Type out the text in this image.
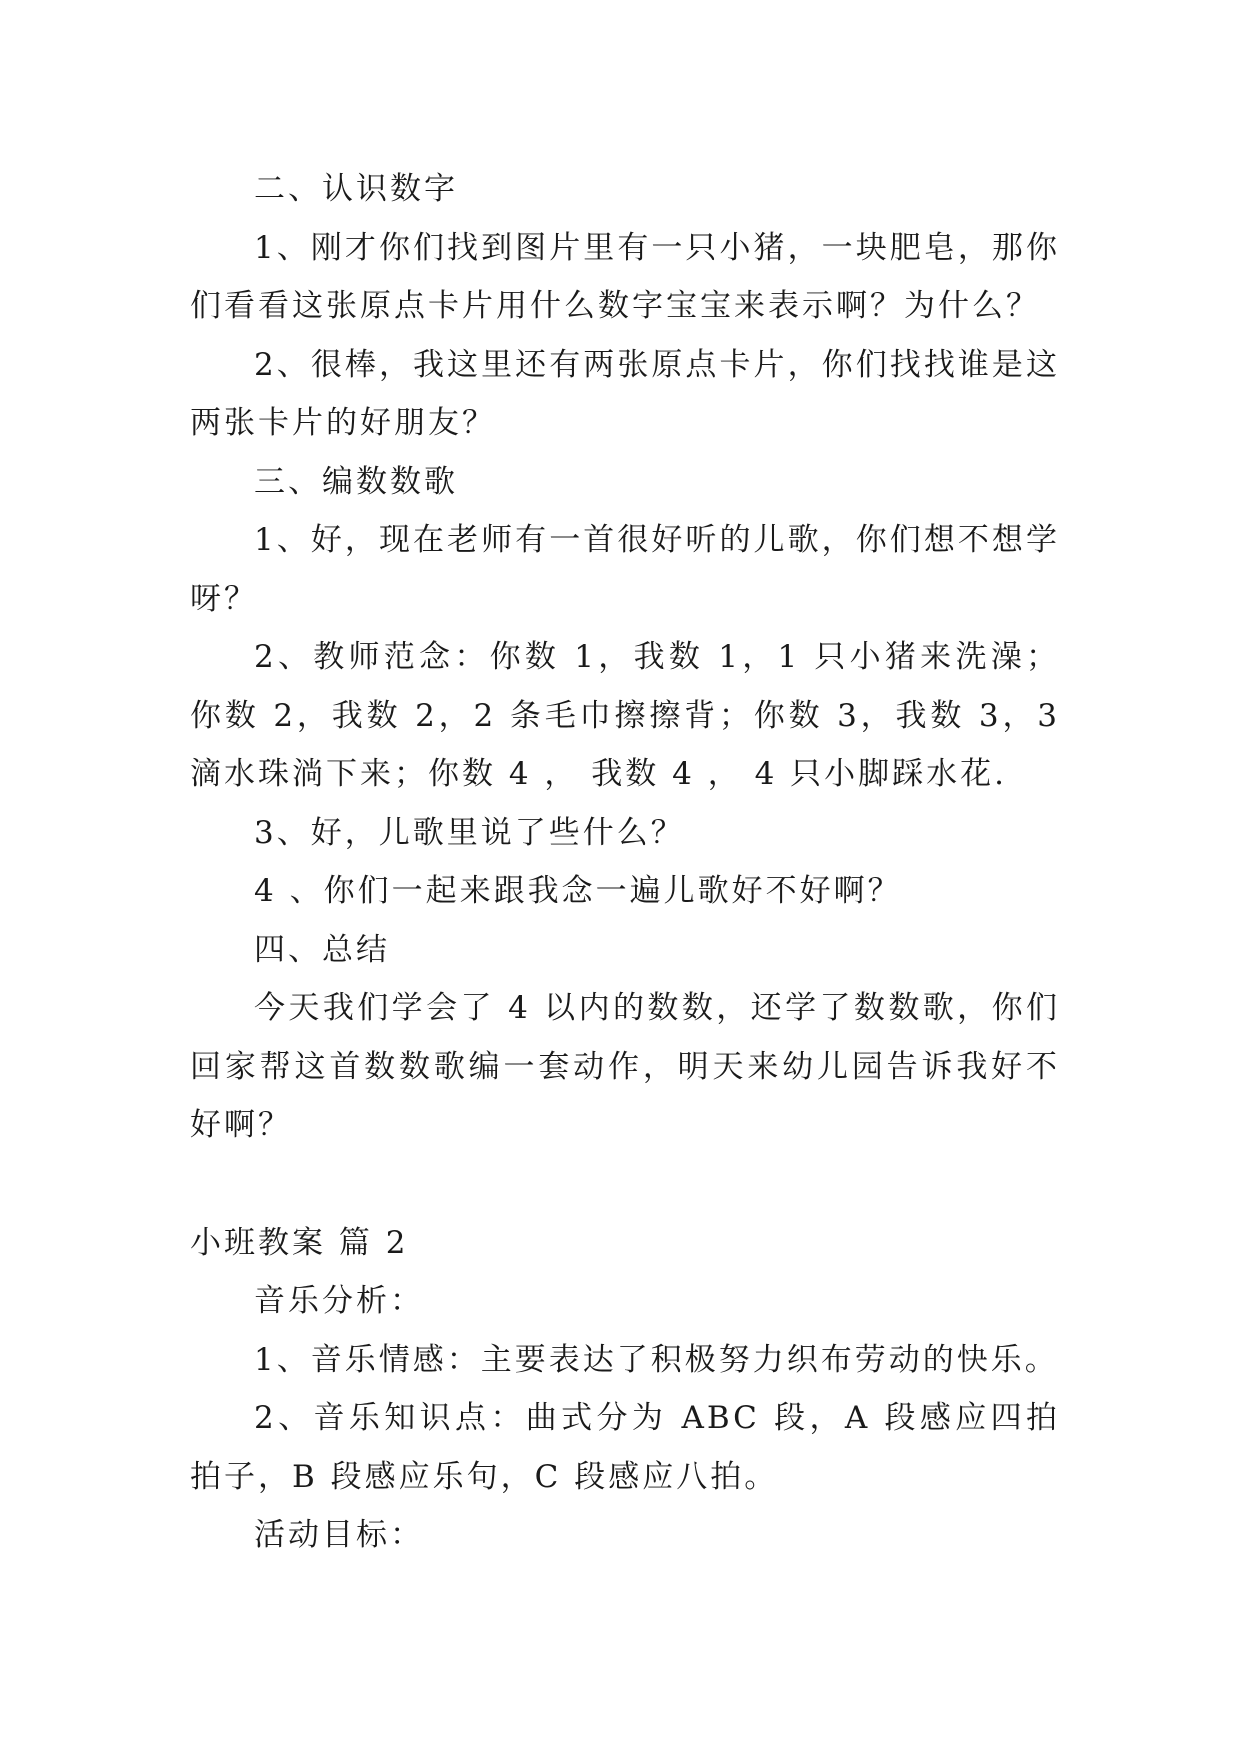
二、认识数字

1、刚才你们找到图片里有一只小猪，一块肥皂，那你们看看这张原点卡片用什么数字宝宝来表示啊？为什么？

2、很棒，我这里还有两张原点卡片，你们找找谁是这两张卡片的好朋友？

三、编数数歌

1、好，现在老师有一首很好听的儿歌，你们想不想学呀？

2、教师范念：你数 1，我数 1，1 只小猪来洗澡；你数 2，我数 2，2 条毛巾擦擦背；你数 3，我数 3，3 滴水珠淌下来；你数 4 ， 我数 4 ， 4 只小脚踩水花.

3、好，儿歌里说了些什么？

4 、你们一起来跟我念一遍儿歌好不好啊？

四、总结

今天我们学会了 4 以内的数数，还学了数数歌，你们回家帮这首数数歌编一套动作，明天来幼儿园告诉我好不好啊？

小班教案 篇 2

音乐分析：

1、音乐情感：主要表达了积极努力织布劳动的快乐。

2、音乐知识点：曲式分为 ABC 段，A 段感应四拍拍子，B 段感应乐句，C 段感应八拍。

活动目标：
